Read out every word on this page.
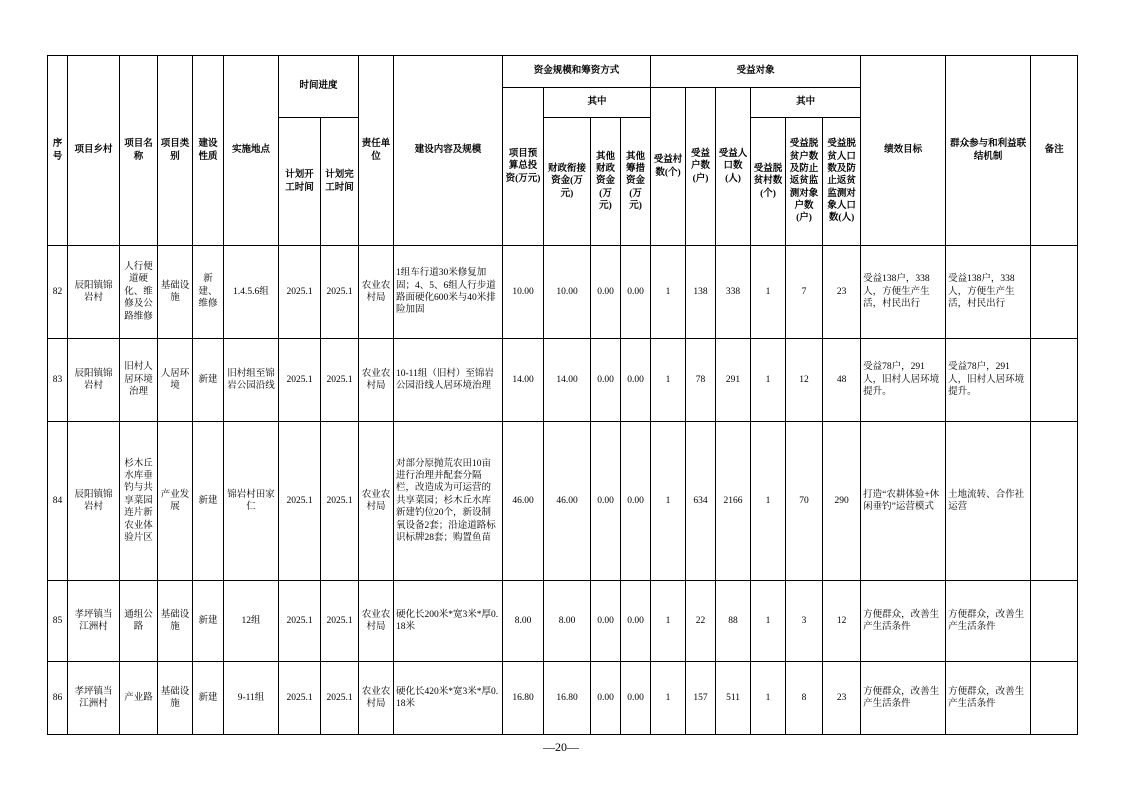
序号	项目乡村	项目名称	项目类别	建设性质	实施地点	时间进度		责任单位	建设内容及规模	资金规模和筹资方式				受益对象						绩效目标	群众参与和利益联结机制	备注
										项目预算总投资(万元)	其中			受益村数(个)	受益户数(户)	受益人口数(人)	其中					
						计划开工时间	计划完工时间				财政衔接资金(万元)	其他财政资金(万元)	其他筹措资金(万元)				受益脱贫村数(个)	受益脱贫户数及防止返贫监测对象户数(户)	受益脱贫人口数及防止返贫监测对象人口数(人)			
82	辰阳镇锦岩村	人行便道硬化、维修及公路维修	基础设施	新建、维修	1.4.5.6组	2025.1	2025.1	农业农村局	1组车行道30米修复加固；4、5、6组人行步道路面硬化600米与40米排险加固	10.00	10.00	0.00	0.00	1	138	338	1	7	23	受益138户，338人，方便生产生活，村民出行	受益138户，338人，方便生产生活，村民出行	
83	辰阳镇锦岩村	旧村人居环境治理	人居环境	新建	旧村组至锦岩公园沿线	2025.1	2025.1	农业农村局	10-11组（旧村）至锦岩公园沿线人居环境治理	14.00	14.00	0.00	0.00	1	78	291	1	12	48	受益78户，291人，旧村人居环境提升。	受益78户，291人，旧村人居环境提升。	
84	辰阳镇锦岩村	杉木丘水库垂钓与共享菜园连片新农业体验片区	产业发展	新建	锦岩村田家仁	2025.1	2025.1	农业农村局	对部分原抛荒农田10亩进行治理并配套分隔栏，改造成为可运营的共享菜园；杉木丘水库新建钓位20个，新设制氧设备2套；沿途道路标识标牌28套；购置鱼苗	46.00	46.00	0.00	0.00	1	634	2166	1	70	290	打造“农耕体验+休闲垂钓”运营模式	土地流转、合作社运营	
85	孝坪镇当江洲村	通组公路	基础设施	新建	12组	2025.1	2025.1	农业农村局	硬化长200米*宽3米*厚0.18米	8.00	8.00	0.00	0.00	1	22	88	1	3	12	方便群众，改善生产生活条件	方便群众，改善生产生活条件	
86	孝坪镇当江洲村	产业路	基础设施	新建	9-11组	2025.1	2025.1	农业农村局	硬化长420米*宽3米*厚0.18米	16.80	16.80	0.00	0.00	1	157	511	1	8	23	方便群众，改善生产生活条件	方便群众，改善生产生活条件	
—20—
